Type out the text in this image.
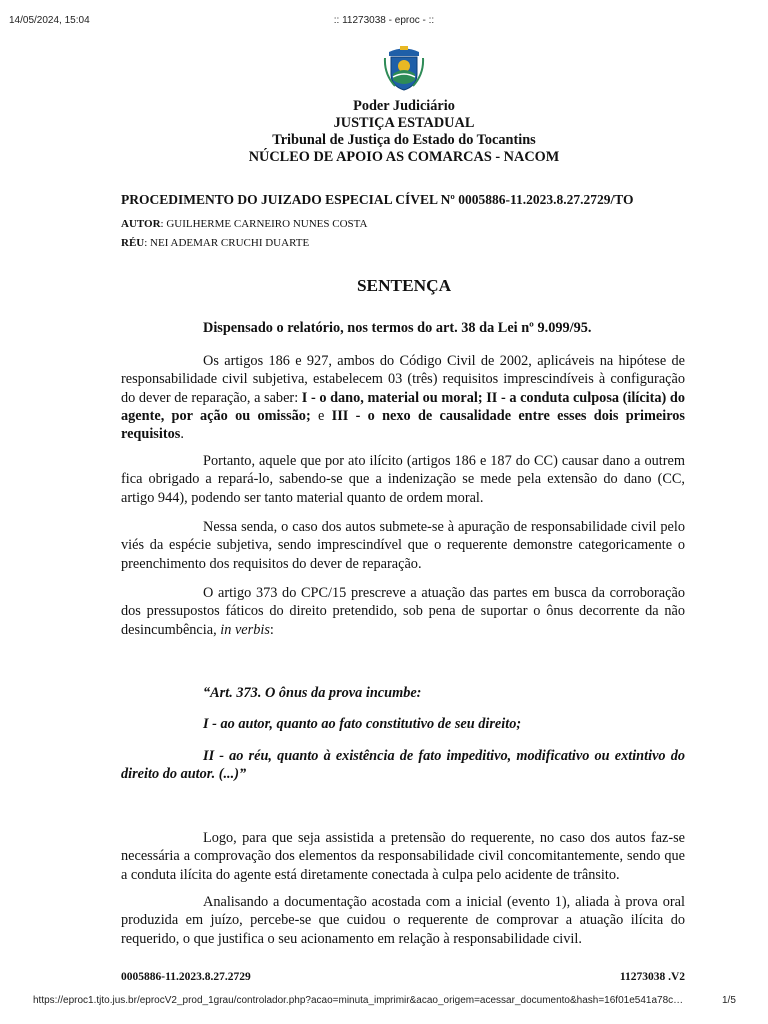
14/05/2024, 15:04	:: 11273038 - eproc - ::
Poder Judiciário
JUSTIÇA ESTADUAL
Tribunal de Justiça do Estado do Tocantins
NÚCLEO DE APOIO AS COMARCAS - NACOM
PROCEDIMENTO DO JUIZADO ESPECIAL CÍVEL Nº 0005886-11.2023.8.27.2729/TO
AUTOR: GUILHERME CARNEIRO NUNES COSTA
RÉU: NEI ADEMAR CRUCHI DUARTE
SENTENÇA
Dispensado o relatório, nos termos do art. 38 da Lei nº 9.099/95.
Os artigos 186 e 927, ambos do Código Civil de 2002, aplicáveis na hipótese de responsabilidade civil subjetiva, estabelecem 03 (três) requisitos imprescindíveis à configuração do dever de reparação, a saber: I - o dano, material ou moral; II - a conduta culposa (ilícita) do agente, por ação ou omissão; e III - o nexo de causalidade entre esses dois primeiros requisitos.
Portanto, aquele que por ato ilícito (artigos 186 e 187 do CC) causar dano a outrem fica obrigado a repará-lo, sabendo-se que a indenização se mede pela extensão do dano (CC, artigo 944), podendo ser tanto material quanto de ordem moral.
Nessa senda, o caso dos autos submete-se à apuração de responsabilidade civil pelo viés da espécie subjetiva, sendo imprescindível que o requerente demonstre categoricamente o preenchimento dos requisitos do dever de reparação.
O artigo 373 do CPC/15 prescreve a atuação das partes em busca da corroboração dos pressupostos fáticos do direito pretendido, sob pena de suportar o ônus decorrente da não desincumbência, in verbis:
“Art. 373. O ônus da prova incumbe:
I - ao autor, quanto ao fato constitutivo de seu direito;
II - ao réu, quanto à existência de fato impeditivo, modificativo ou extintivo do direito do autor. (...)”
Logo, para que seja assistida a pretensão do requerente, no caso dos autos faz-se necessária a comprovação dos elementos da responsabilidade civil concomitantemente, sendo que a conduta ilícita do agente está diretamente conectada à culpa pelo acidente de trânsito.
Analisando a documentação acostada com a inicial (evento 1), aliada à prova oral produzida em juízo, percebe-se que cuidou o requerente de comprovar a atuação ilícita do requerido, o que justifica o seu acionamento em relação à responsabilidade civil.
0005886-11.2023.8.27.2729	11273038 .V2
https://eproc1.tjto.jus.br/eprocV2_prod_1grau/controlador.php?acao=minuta_imprimir&acao_origem=acessar_documento&hash=16f01e541a78c…	1/5
